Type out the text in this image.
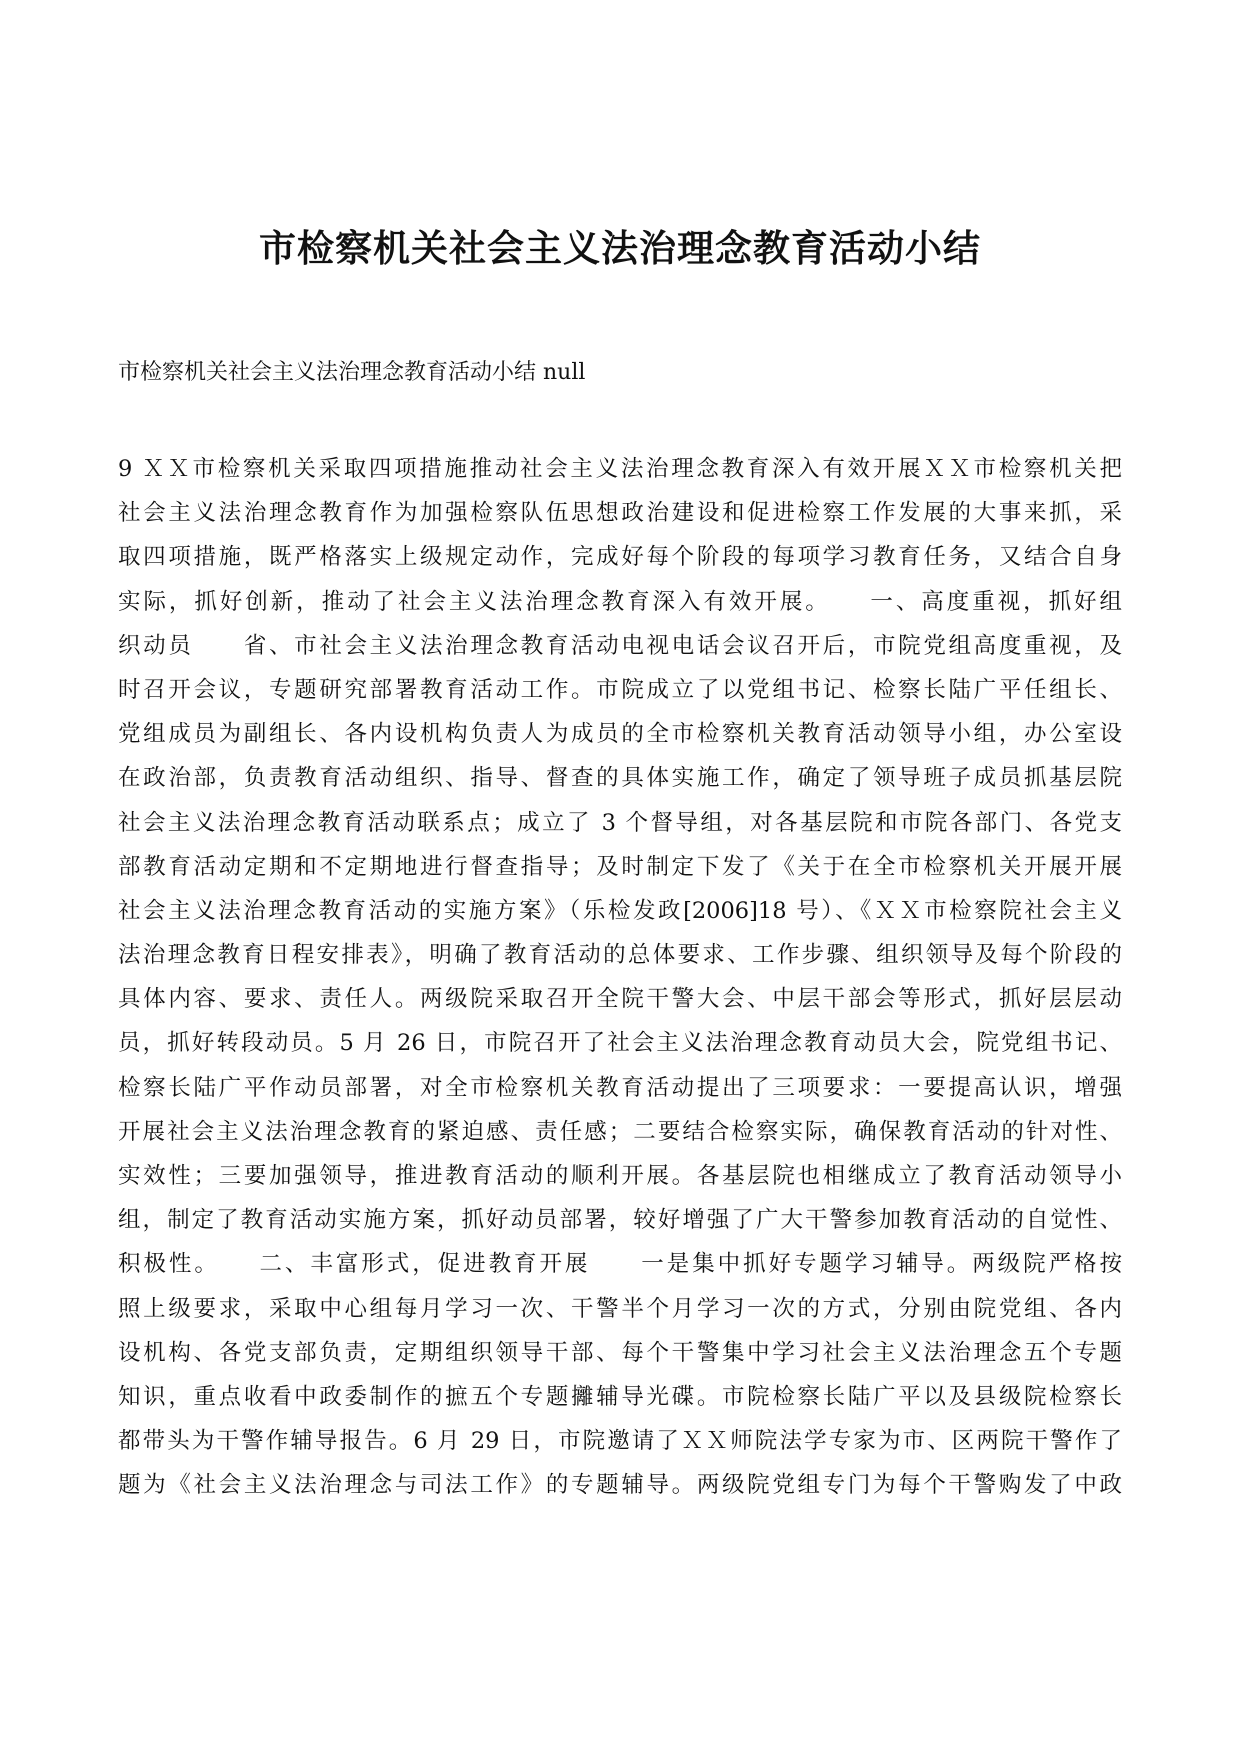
市检察机关社会主义法治理念教育活动小结

市检察机关社会主义法治理念教育活动小结 null

9 ＸＸ市检察机关采取四项措施推动社会主义法治理念教育深入有效开展ＸＸ市检察机关把
社会主义法治理念教育作为加强检察队伍思想政治建设和促进检察工作发展的大事来抓，采
取四项措施，既严格落实上级规定动作，完成好每个阶段的每项学习教育任务，又结合自身
实际，抓好创新，推动了社会主义法治理念教育深入有效开展。　　一、高度重视，抓好组
织动员　　省、市社会主义法治理念教育活动电视电话会议召开后，市院党组高度重视，及
时召开会议，专题研究部署教育活动工作。市院成立了以党组书记、检察长陆广平任组长、
党组成员为副组长、各内设机构负责人为成员的全市检察机关教育活动领导小组，办公室设
在政治部，负责教育活动组织、指导、督查的具体实施工作，确定了领导班子成员抓基层院
社会主义法治理念教育活动联系点；成立了 3 个督导组，对各基层院和市院各部门、各党支
部教育活动定期和不定期地进行督查指导；及时制定下发了《关于在全市检察机关开展开展
社会主义法治理念教育活动的实施方案》（乐检发政[2006]18 号）、《ＸＸ市检察院社会主义
法治理念教育日程安排表》，明确了教育活动的总体要求、工作步骤、组织领导及每个阶段的
具体内容、要求、责任人。两级院采取召开全院干警大会、中层干部会等形式，抓好层层动
员，抓好转段动员。5 月 26 日，市院召开了社会主义法治理念教育动员大会，院党组书记、
检察长陆广平作动员部署，对全市检察机关教育活动提出了三项要求：一要提高认识，增强
开展社会主义法治理念教育的紧迫感、责任感；二要结合检察实际，确保教育活动的针对性、
实效性；三要加强领导，推进教育活动的顺利开展。各基层院也相继成立了教育活动领导小
组，制定了教育活动实施方案，抓好动员部署，较好增强了广大干警参加教育活动的自觉性、
积极性。　　二、丰富形式，促进教育开展　　一是集中抓好专题学习辅导。两级院严格按
照上级要求，采取中心组每月学习一次、干警半个月学习一次的方式，分别由院党组、各内
设机构、各党支部负责，定期组织领导干部、每个干警集中学习社会主义法治理念五个专题
知识，重点收看中政委制作的摭五个专题攡辅导光碟。市院检察长陆广平以及县级院检察长
都带头为干警作辅导报告。6 月 29 日，市院邀请了ＸＸ师院法学专家为市、区两院干警作了
题为《社会主义法治理念与司法工作》的专题辅导。两级院党组专门为每个干警购发了中政
